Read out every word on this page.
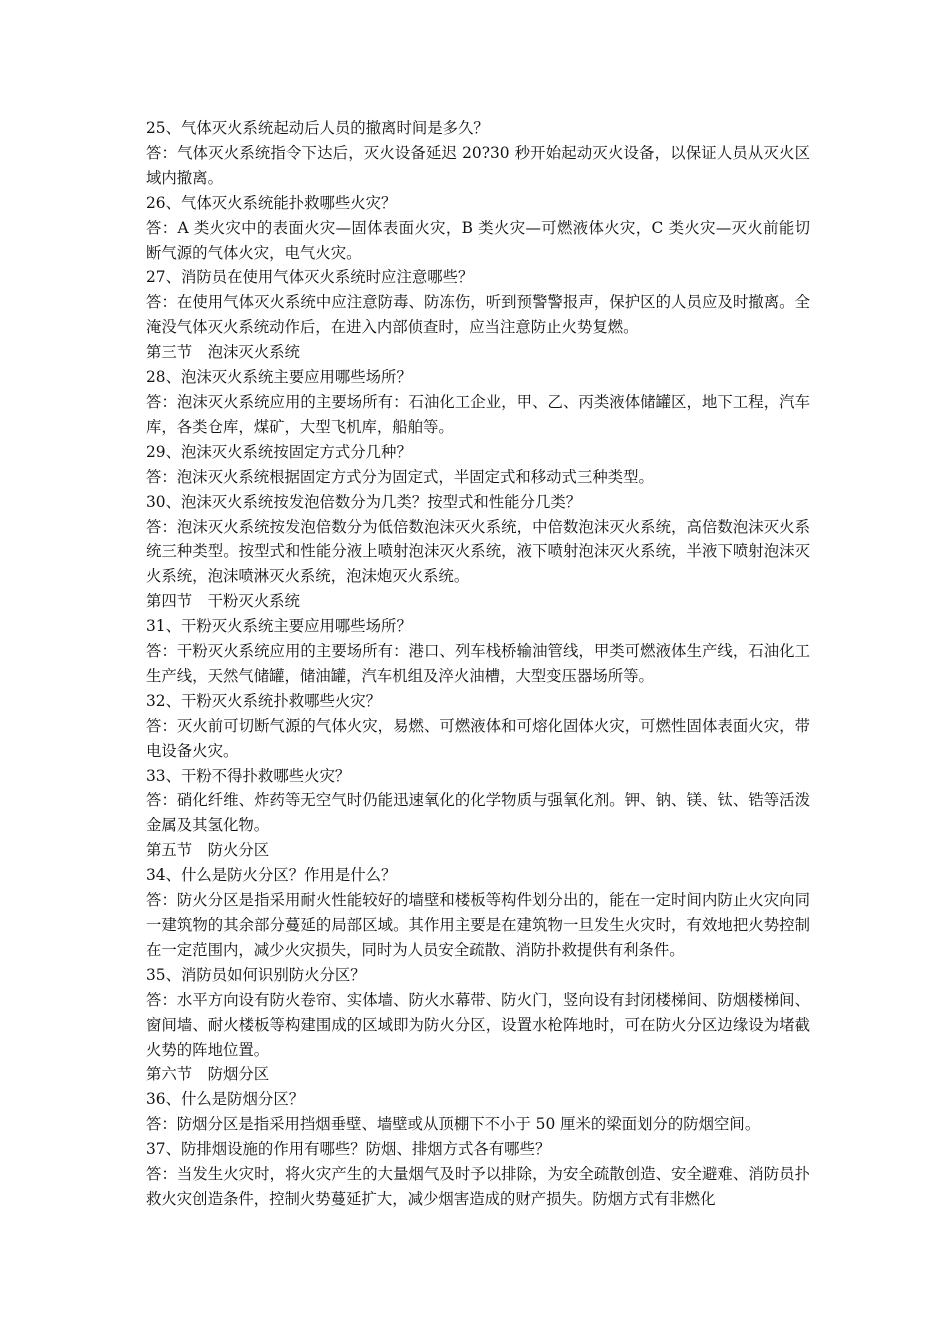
25、气体灭火系统起动后人员的撤离时间是多久？

答：气体灭火系统指令下达后，灭火设备延迟 20?30 秒开始起动灭火设备，以保证人员从灭火区域内撤离。

26、气体灭火系统能扑救哪些火灾？

答：A 类火灾中的表面火灾—固体表面火灾，B 类火灾—可燃液体火灾，C 类火灾—灭火前能切断气源的气体火灾，电气火灾。

27、消防员在使用气体灭火系统时应注意哪些？

答：在使用气体灭火系统中应注意防毒、防冻伤，听到预警警报声，保护区的人员应及时撤离。全淹没气体灭火系统动作后，在进入内部侦查时，应当注意防止火势复燃。

第三节　泡沫灭火系统

28、泡沫灭火系统主要应用哪些场所？

答：泡沫灭火系统应用的主要场所有：石油化工企业，甲、乙、丙类液体储罐区，地下工程，汽车库，各类仓库，煤矿，大型飞机库，船舶等。

29、泡沫灭火系统按固定方式分几种？

答：泡沫灭火系统根据固定方式分为固定式，半固定式和移动式三种类型。

30、泡沫灭火系统按发泡倍数分为几类？按型式和性能分几类？

答：泡沫灭火系统按发泡倍数分为低倍数泡沫灭火系统，中倍数泡沫灭火系统，高倍数泡沫灭火系统三种类型。按型式和性能分液上喷射泡沫灭火系统，液下喷射泡沫灭火系统，半液下喷射泡沫灭火系统，泡沫喷淋灭火系统，泡沫炮灭火系统。

第四节　干粉灭火系统

31、干粉灭火系统主要应用哪些场所？

答：干粉灭火系统应用的主要场所有：港口、列车栈桥输油管线，甲类可燃液体生产线，石油化工生产线，天然气储罐，储油罐，汽车机组及淬火油槽，大型变压器场所等。

32、干粉灭火系统扑救哪些火灾？

答：灭火前可切断气源的气体火灾，易燃、可燃液体和可熔化固体火灾，可燃性固体表面火灾，带电设备火灾。

33、干粉不得扑救哪些火灾？

答：硝化纤维、炸药等无空气时仍能迅速氧化的化学物质与强氧化剂。钾、钠、镁、钛、锆等活泼金属及其氢化物。

第五节　防火分区

34、什么是防火分区？作用是什么？

答：防火分区是指采用耐火性能较好的墙壁和楼板等构件划分出的，能在一定时间内防止火灾向同一建筑物的其余部分蔓延的局部区域。其作用主要是在建筑物一旦发生火灾时，有效地把火势控制在一定范围内，减少火灾损失，同时为人员安全疏散、消防扑救提供有利条件。

35、消防员如何识别防火分区？

答：水平方向设有防火卷帘、实体墙、防火水幕带、防火门，竖向设有封闭楼梯间、防烟楼梯间、窗间墙、耐火楼板等构建围成的区域即为防火分区，设置水枪阵地时，可在防火分区边缘设为堵截火势的阵地位置。

第六节　防烟分区

36、什么是防烟分区？

答：防烟分区是指采用挡烟垂壁、墙壁或从顶棚下不小于 50 厘米的梁面划分的防烟空间。

37、防排烟设施的作用有哪些？防烟、排烟方式各有哪些？

答：当发生火灾时，将火灾产生的大量烟气及时予以排除，为安全疏散创造、安全避难、消防员扑救火灾创造条件，控制火势蔓延扩大，减少烟害造成的财产损失。防烟方式有非燃化
